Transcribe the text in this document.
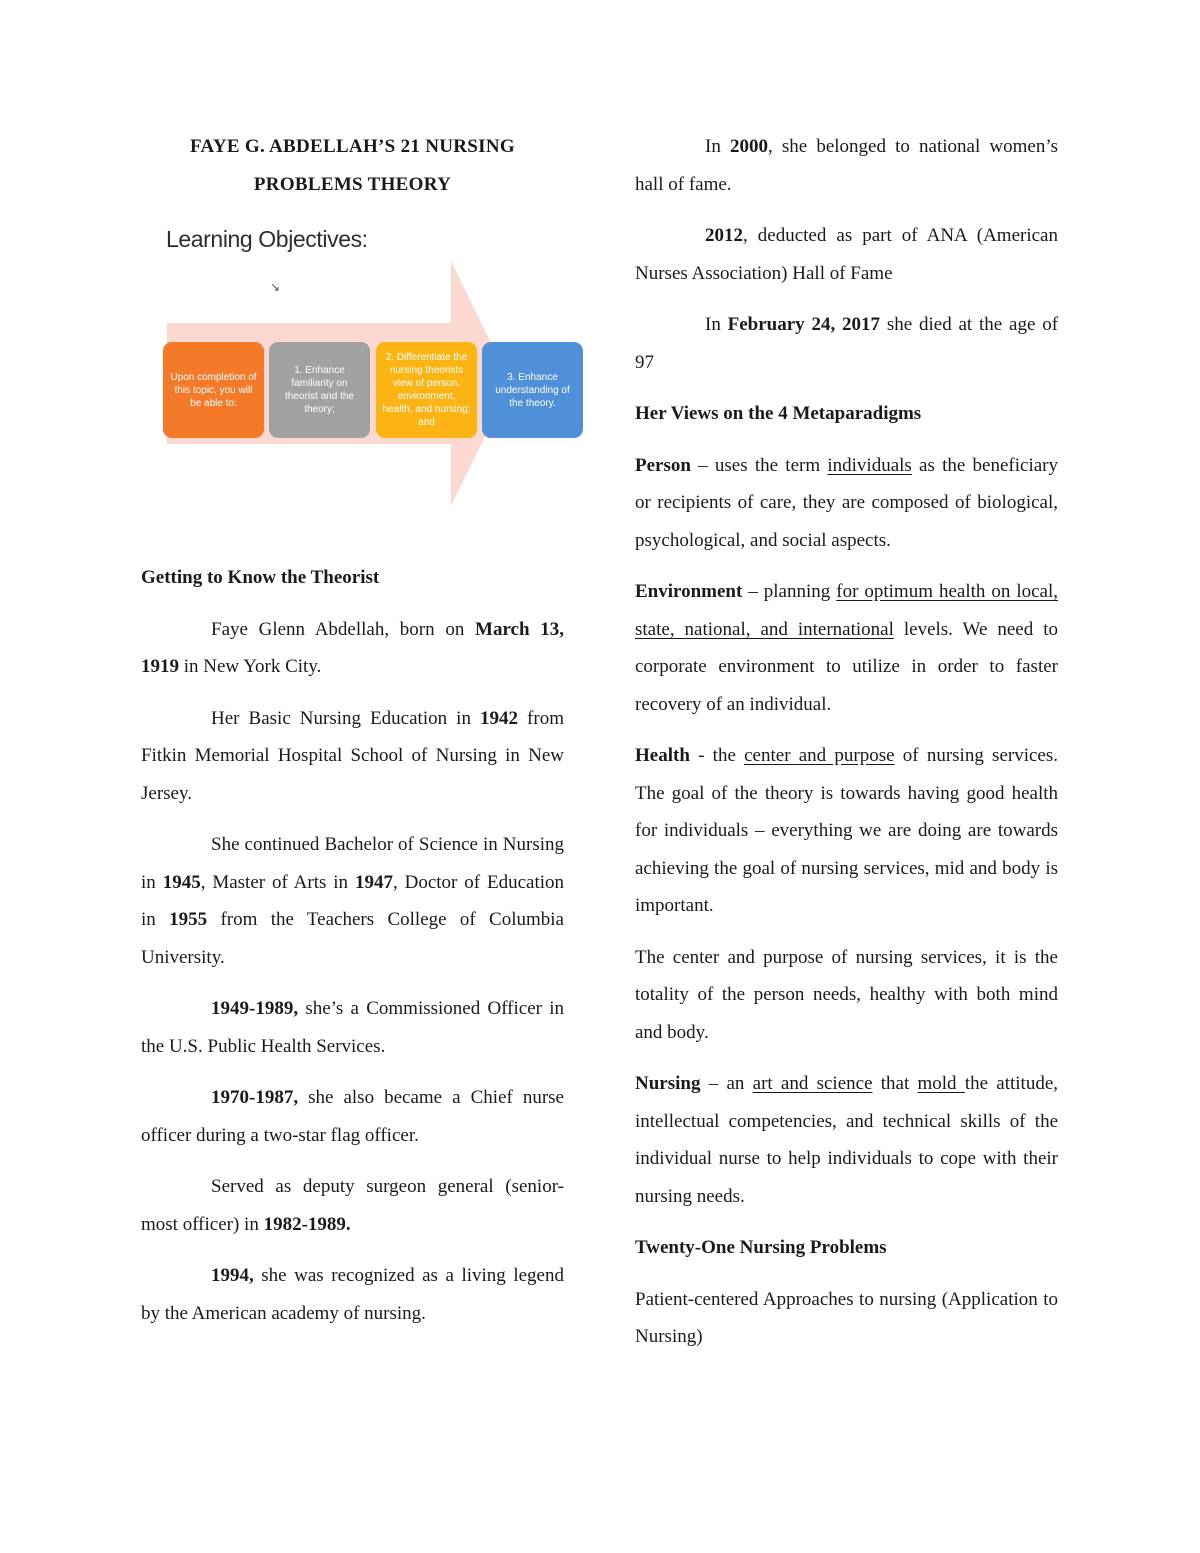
FAYE G. ABDELLAH’S 21 NURSING PROBLEMS THEORY
Learning Objectives:
↘
Upon completion of this topic, you will be able to:
1. Enhance familiarity on theorist and the theory;
2. Differentiate the nursing theorists view of person, environment, health, and nursing; and
3. Enhance understanding of the theory.

Getting to Know the Theorist

Faye Glenn Abdellah, born on March 13, 1919 in New York City.

Her Basic Nursing Education in 1942 from Fitkin Memorial Hospital School of Nursing in New Jersey.

She continued Bachelor of Science in Nursing in 1945, Master of Arts in 1947, Doctor of Education in 1955 from the Teachers College of Columbia University.

1949-1989, she’s a Commissioned Officer in the U.S. Public Health Services.

1970-1987, she also became a Chief nurse officer during a two-star flag officer.

Served as deputy surgeon general (senior-most officer) in 1982-1989.

1994, she was recognized as a living legend by the American academy of nursing.

In 2000, she belonged to national women’s hall of fame.

2012, deducted as part of ANA (American Nurses Association) Hall of Fame

In February 24, 2017 she died at the age of 97

Her Views on the 4 Metaparadigms

Person – uses the term individuals as the beneficiary or recipients of care, they are composed of biological, psychological, and social aspects.

Environment – planning for optimum health on local, state, national, and international levels. We need to corporate environment to utilize in order to faster recovery of an individual.

Health - the center and purpose of nursing services. The goal of the theory is towards having good health for individuals – everything we are doing are towards achieving the goal of nursing services, mid and body is important.

The center and purpose of nursing services, it is the totality of the person needs, healthy with both mind and body.

Nursing – an art and science that mold the attitude, intellectual competencies, and technical skills of the individual nurse to help individuals to cope with their nursing needs.

Twenty-One Nursing Problems

Patient-centered Approaches to nursing (Application to Nursing)
